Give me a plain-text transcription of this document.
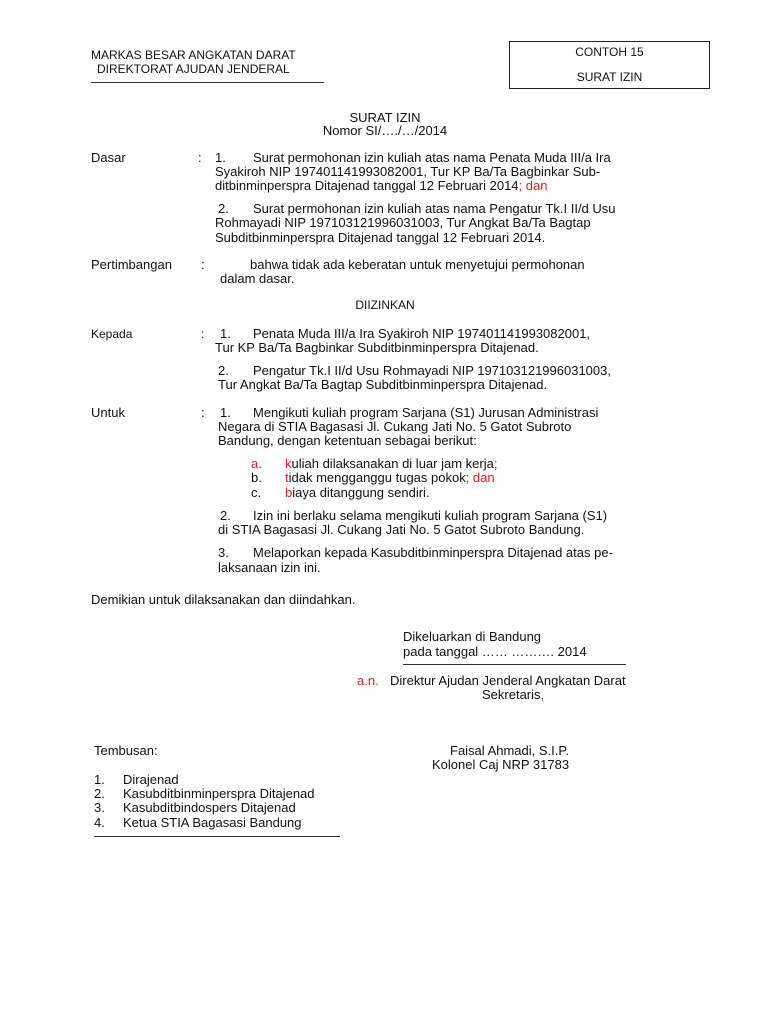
MARKAS BESAR ANGKATAN DARAT
DIREKTORAT AJUDAN JENDERAL
CONTOH 15
SURAT IZIN
SURAT IZIN
Nomor SI/…./…/2014
Dasar	: 1. Surat permohonan izin kuliah atas nama Penata Muda III/a Ira
Syakiroh NIP 197401141993082001, Tur KP Ba/Ta Bagbinkar Sub-
ditbinminperspra Ditajenad tanggal 12 Februari 2014; dan
2. Surat permohonan izin kuliah atas nama Pengatur Tk.I II/d Usu
Rohmayadi NIP 197103121996031003, Tur Angkat Ba/Ta Bagtap
Subditbinminperspra Ditajenad tanggal 12 Februari 2014.
Pertimbangan :	bahwa tidak ada keberatan untuk menyetujui permohonan
dalam dasar.
DIIZINKAN
Kepada	: 1. Penata Muda III/a Ira Syakiroh NIP 197401141993082001,
Tur KP Ba/Ta Bagbinkar Subditbinminperspra Ditajenad.
2. Pengatur Tk.I II/d Usu Rohmayadi NIP 197103121996031003,
Tur Angkat Ba/Ta Bagtap Subditbinminperspra Ditajenad.
Untuk	: 1. Mengikuti kuliah program Sarjana (S1) Jurusan Administrasi
Negara di STIA Bagasasi Jl. Cukang Jati No. 5 Gatot Subroto
Bandung, dengan ketentuan sebagai berikut:
a. kuliah dilaksanakan di luar jam kerja;
b. tidak mengganggu tugas pokok; dan
c. biaya ditanggung sendiri.
2. Izin ini berlaku selama mengikuti kuliah program Sarjana (S1)
di STIA Bagasasi Jl. Cukang Jati No. 5 Gatot Subroto Bandung.
3. Melaporkan kepada Kasubditbinminperspra Ditajenad atas pe-
laksanaan izin ini.
Demikian untuk dilaksanakan dan diindahkan.
Dikeluarkan di Bandung
pada tanggal …… ………. 2014
a.n. Direktur Ajudan Jenderal Angkatan Darat
Sekretaris,
Faisal Ahmadi, S.I.P.
Kolonel Caj NRP 31783
Tembusan:
1. Dirajenad
2. Kasubditbinminperspra Ditajenad
3. Kasubditbindospers Ditajenad
4. Ketua STIA Bagasasi Bandung
